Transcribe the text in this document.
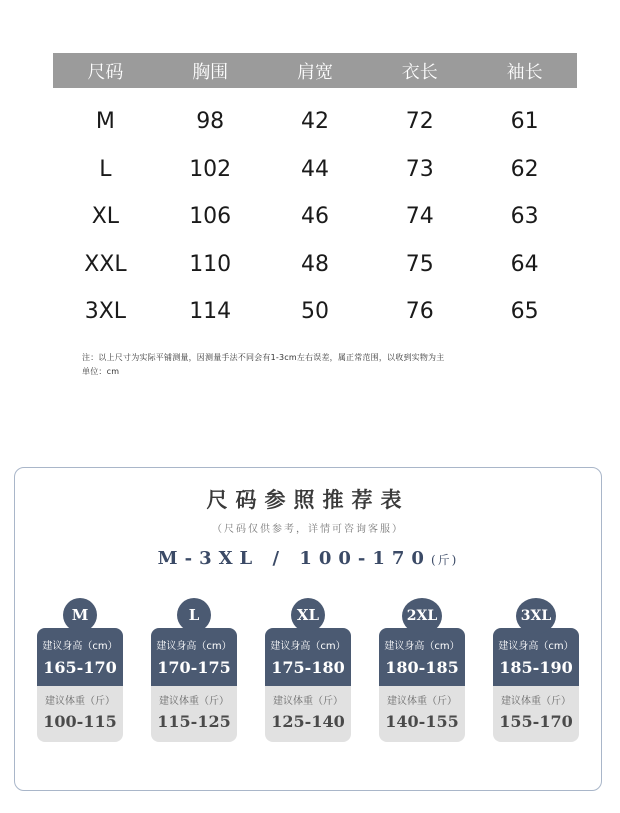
尺码	胸围	肩宽	衣长	袖长
M	98	42	72	61
L	102	44	73	62
XL	106	46	74	63
XXL	110	48	75	64
3XL	114	50	76	65
注：以上尺寸为实际平铺测量，因测量手法不同会有1-3cm左右误差，属正常范围，以收到实物为主
单位：cm
尺码参照推荐表
（尺码仅供参考，详情可咨询客服）
M-3XL / 100-170(斤)
M
建议身高（cm）
165-170
建议体重（斤）
100-115
L
建议身高（cm）
170-175
建议体重（斤）
115-125
XL
建议身高（cm）
175-180
建议体重（斤）
125-140
2XL
建议身高（cm）
180-185
建议体重（斤）
140-155
3XL
建议身高（cm）
185-190
建议体重（斤）
155-170
